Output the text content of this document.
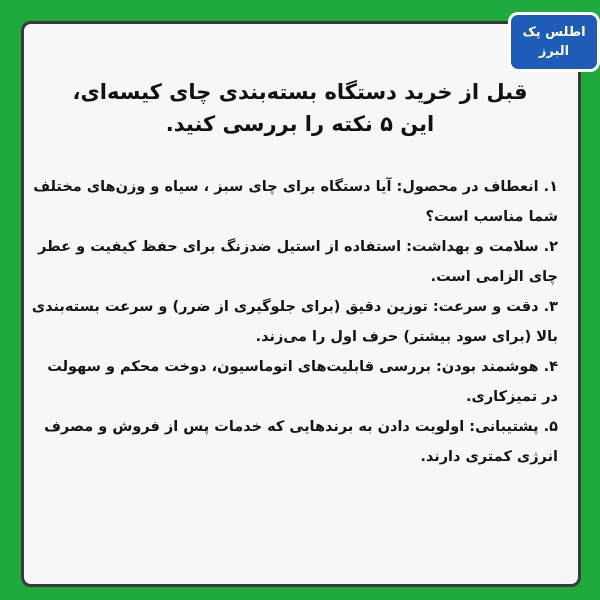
اطلس پک
البرز
قبل از خرید دستگاه بسته‌بندی چای کیسه‌ای،
این ۵ نکته را بررسی کنید.
۱. انعطاف در محصول: آیا دستگاه برای چای سبز ، سیاه و وزن‌های مختلف شما مناسب است؟
۲. سلامت و بهداشت: استفاده از استیل ضدزنگ برای حفظ کیفیت و عطر چای الزامی است.
۳. دقت و سرعت: توزین دقیق (برای جلوگیری از ضرر) و سرعت بسته‌بندی بالا (برای سود بیشتر) حرف اول را می‌زند.
۴. هوشمند بودن: بررسی قابلیت‌های اتوماسیون، دوخت محکم و سهولت در تمیزکاری.
۵. پشتیبانی: اولویت دادن به برندهایی که خدمات پس از فروش و مصرف انرژی کمتری دارند.
